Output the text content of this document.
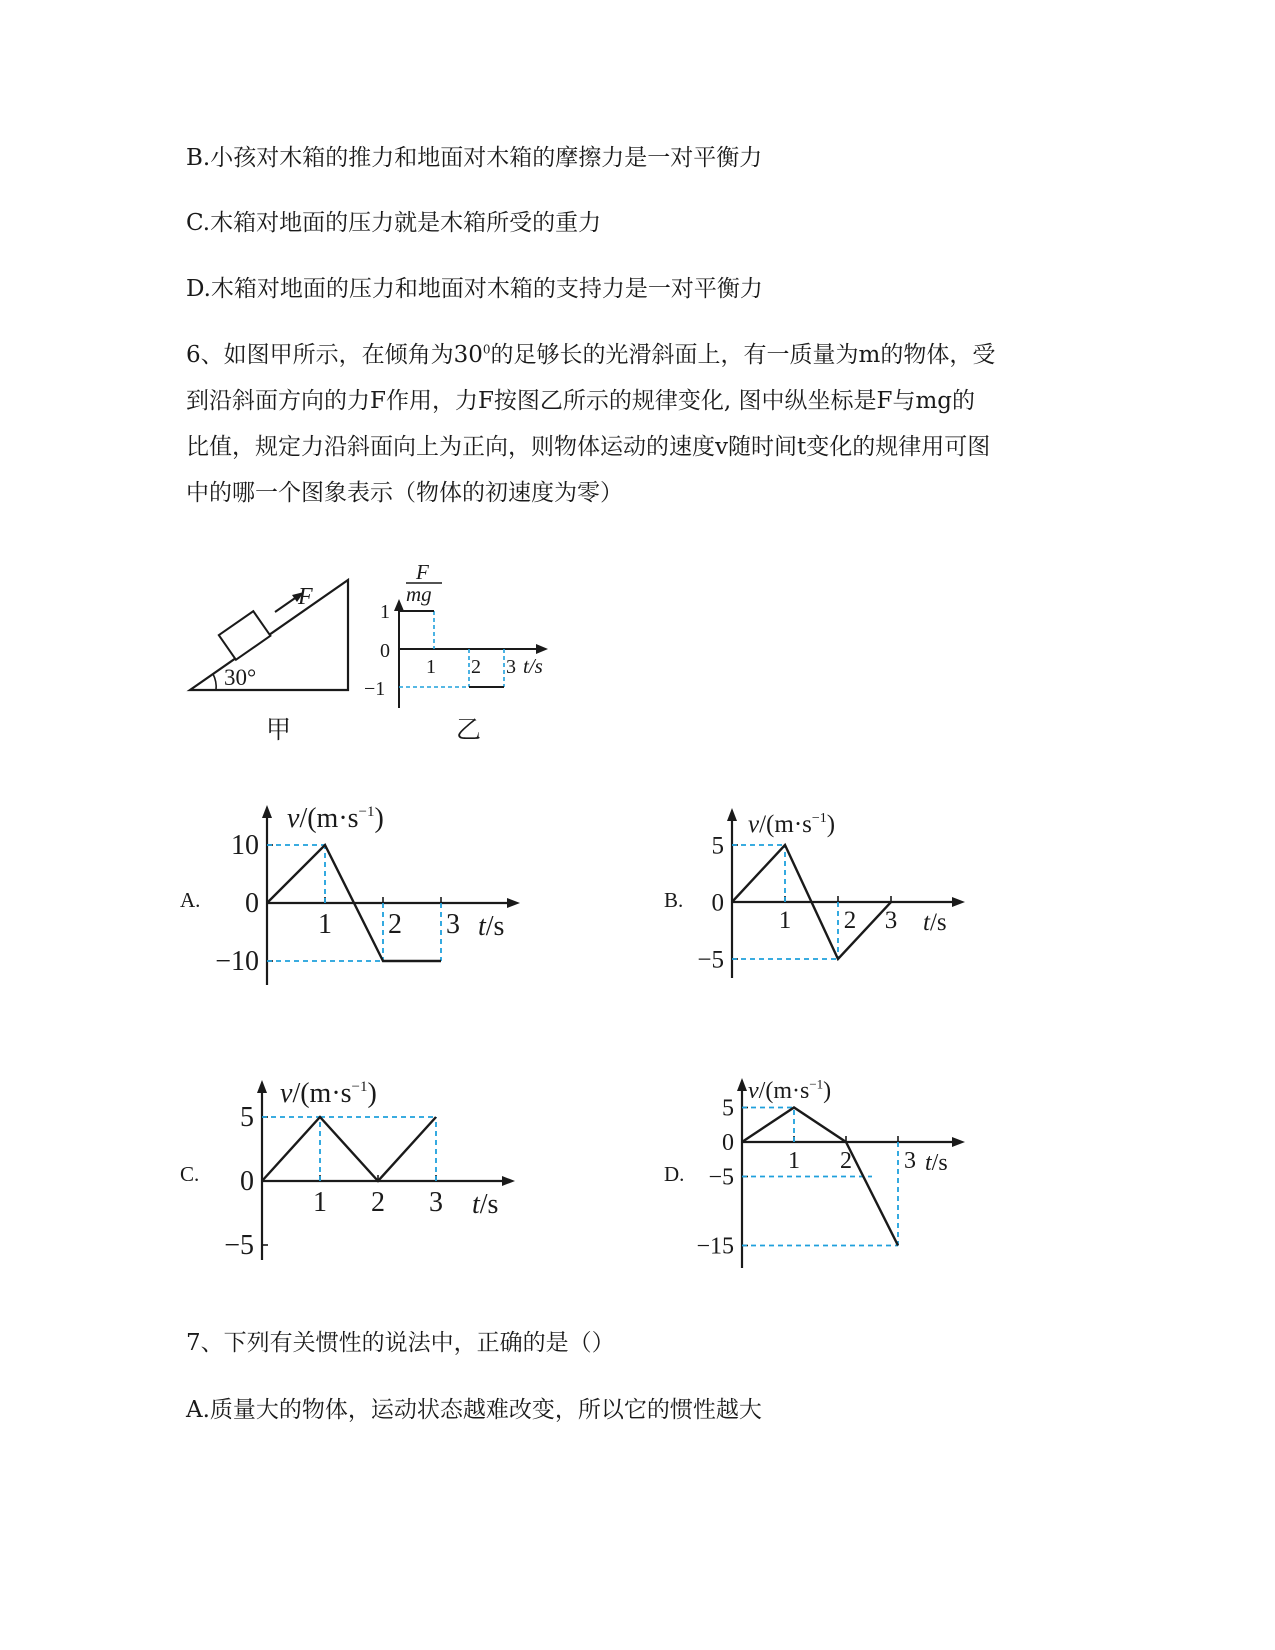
B.小孩对木箱的推力和地面对木箱的摩擦力是一对平衡力
C.木箱对地面的压力就是木箱所受的重力
D.木箱对地面的压力和地面对木箱的支持力是一对平衡力
6、如图甲所示，在倾角为$30^0$的足够长的光滑斜面上，有一质量为m的物体，受
到沿斜面方向的力F作用，力F按图乙所示的规律变化, 图中纵坐标是F与mg的
比值，规定力沿斜面向上为正向，则物体运动的速度v随时间t变化的规律用可图
中的哪一个图象表示（物体的初速度为零）
F
30°
甲
F
mg
1
0
−1
1 2 3 t/s
乙
A.	B.
C.	D.
$v/(m\cdot s^{-1})$
t/s
10
0
−10
1 2 3
$v/(m\cdot s^{-1})$
t/s
5
0
−5
1 2 3
$v/(m\cdot s^{-1})$
t/s
5
0
−5
1 2 3
$v/(m\cdot s^{-1})$
t/s
5
0
−5
−15
1 2 3
7、下列有关惯性的说法中，正确的是（）
A.质量大的物体，运动状态越难改变，所以它的惯性越大
